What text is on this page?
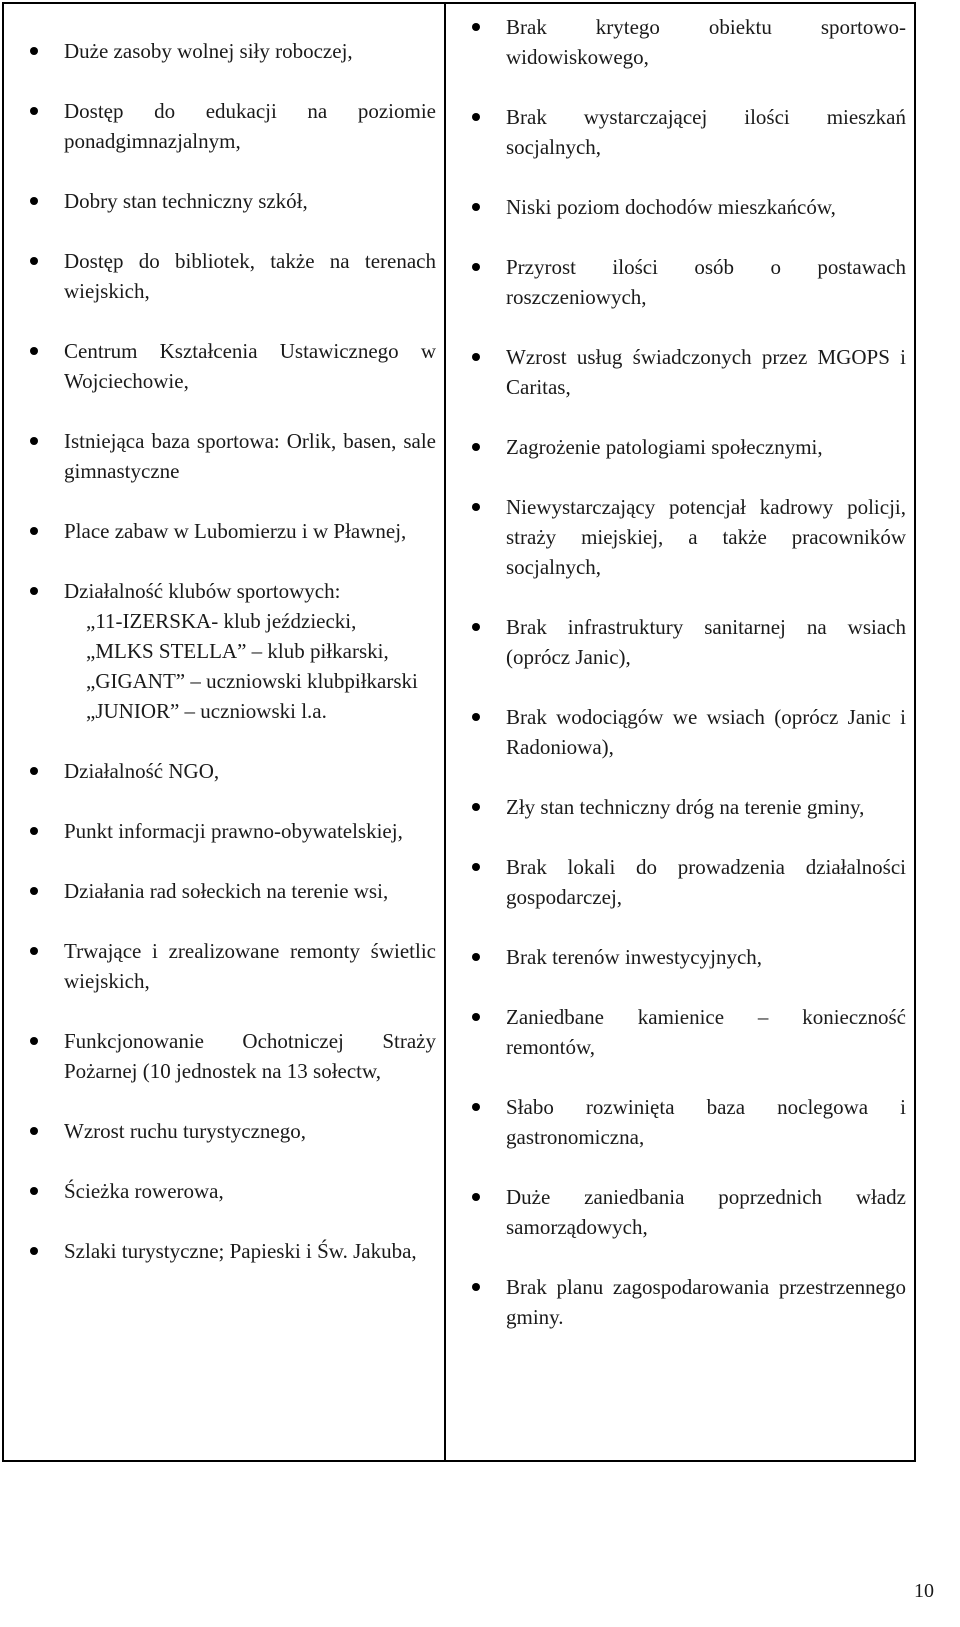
Duże zasoby wolnej siły roboczej,
Dostęp do edukacji na poziomie ponadgimnazjalnym,
Dobry stan techniczny szkół,
Dostęp do bibliotek, także na terenach wiejskich,
Centrum Kształcenia Ustawicznego w Wojciechowie,
Istniejąca baza sportowa: Orlik, basen, sale gimnastyczne
Place zabaw w Lubomierzu i w Pławnej,
Działalność klubów sportowych:
„11-IZERSKA- klub jeździecki,
„MLKS STELLA” – klub piłkarski,
„GIGANT” – uczniowski klubpiłkarski
„JUNIOR” – uczniowski l.a.
Działalność NGO,
Punkt informacji prawno-obywatelskiej,
Działania rad sołeckich na terenie wsi,
Trwające i zrealizowane remonty świetlic wiejskich,
Funkcjonowanie Ochotniczej Straży Pożarnej (10 jednostek na 13 sołectw,
Wzrost ruchu turystycznego,
Ścieżka rowerowa,
Szlaki turystyczne; Papieski i Św. Jakuba,
Brak krytego obiektu sportowo-widowiskowego,
Brak wystarczającej ilości mieszkań socjalnych,
Niski poziom dochodów mieszkańców,
Przyrost ilości osób o postawach roszczeniowych,
Wzrost usług świadczonych przez MGOPS i Caritas,
Zagrożenie patologiami społecznymi,
Niewystarczający potencjał kadrowy policji, straży miejskiej, a także pracowników socjalnych,
Brak infrastruktury sanitarnej na wsiach (oprócz Janic),
Brak wodociągów we wsiach (oprócz Janic i Radoniowa),
Zły stan techniczny dróg na terenie gminy,
Brak lokali do prowadzenia działalności gospodarczej,
Brak terenów inwestycyjnych,
Zaniedbane kamienice – konieczność remontów,
Słabo rozwinięta baza noclegowa i gastronomiczna,
Duże zaniedbania poprzednich władz samorządowych,
Brak planu zagospodarowania przestrzennego gminy.
10
